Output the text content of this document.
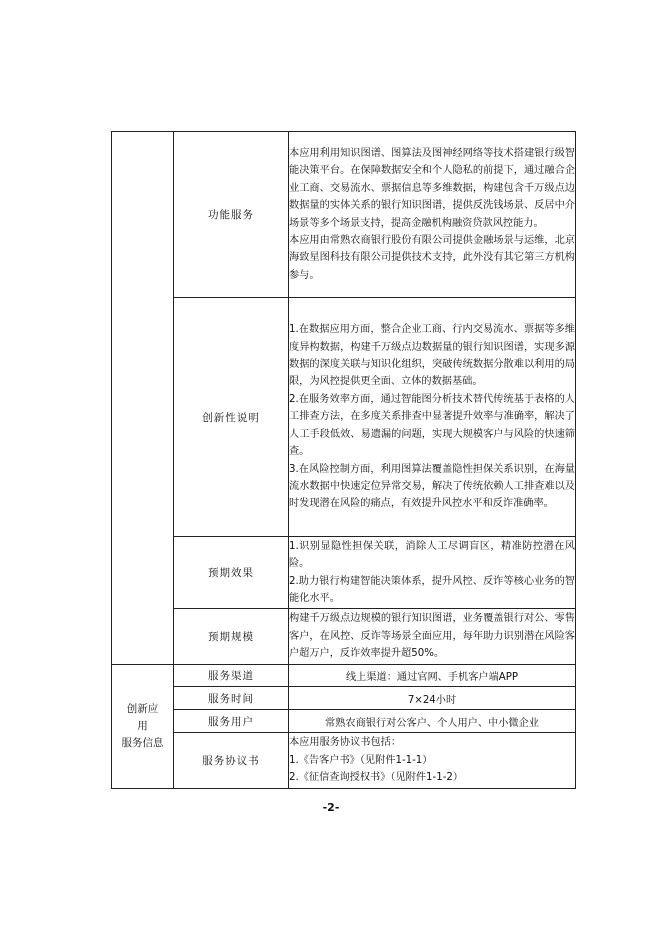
	功能服务	本应用利用知识图谱、图算法及图神经网络等技术搭建银行级智能决策平台。在保障数据安全和个人隐私的前提下，通过融合企业工商、交易流水、票据信息等多维数据，构建包含千万级点边数据量的实体关系的银行知识图谱，提供反洗钱场景、反居中介场景等多个场景支持，提高金融机构融资贷款风控能力。

本应用由常熟农商银行股份有限公司提供金融场景与运维，北京海致星图科技有限公司提供技术支持，此外没有其它第三方机构参与。

	创新性说明	1.在数据应用方面，整合企业工商、行内交易流水、票据等多维度异构数据，构建千万级点边数据量的银行知识图谱，实现多源数据的深度关联与知识化组织，突破传统数据分散难以利用的局限，为风控提供更全面、立体的数据基础。

2.在服务效率方面，通过智能图分析技术替代传统基于表格的人工排查方法，在多度关系排查中显著提升效率与准确率，解决了人工手段低效、易遗漏的问题，实现大规模客户与风险的快速筛查。

3.在风险控制方面，利用图算法覆盖隐性担保关系识别，在海量流水数据中快速定位异常交易，解决了传统依赖人工排查难以及时发现潜在风险的痛点，有效提升风控水平和反诈准确率。

	预期效果	1.识别显隐性担保关联，消除人工尽调盲区，精准防控潜在风险。

2.助力银行构建智能决策体系，提升风控、反诈等核心业务的智能化水平。

	预期规模	构建千万级点边规模的银行知识图谱，业务覆盖银行对公、零售客户，在风控、反诈等场景全面应用，每年助力识别潜在风险客户超万户，反诈效率提升超50%。

创新应
用
服务信息	服务渠道	线上渠道：通过官网、手机客户端APP
	服务时间	7×24小时
	服务用户	常熟农商银行对公客户、个人用户、中小微企业
	服务协议书	本应用服务协议书包括：

1.《告客户书》（见附件1-1-1）

2.《征信查询授权书》（见附件1-1-2）

-2-
